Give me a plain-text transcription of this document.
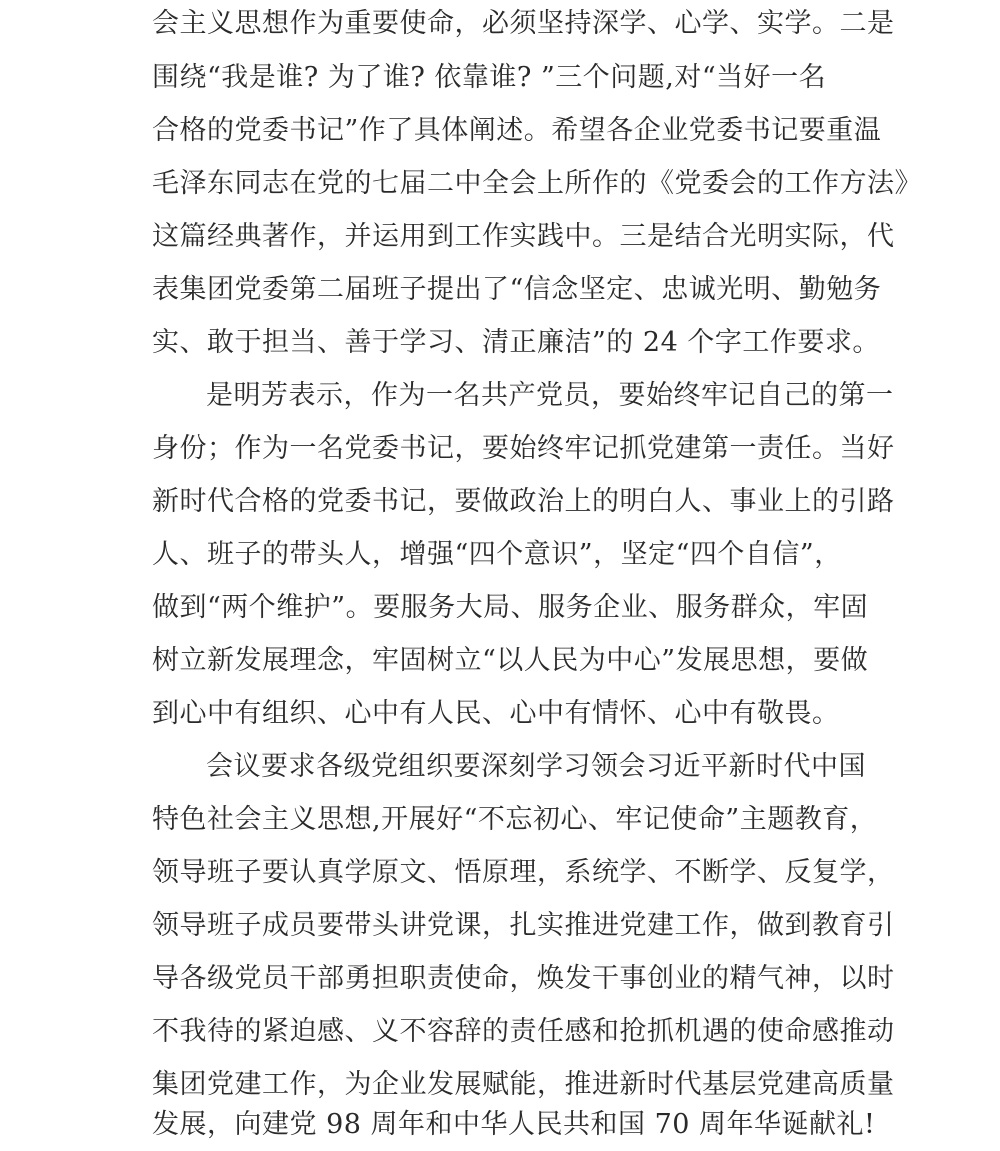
会主义思想作为重要使命，必须坚持深学、心学、实学。二是
围绕“我是谁? 为了谁? 依靠谁? ”三个问题,对“当好一名
合格的党委书记”作了具体阐述。希望各企业党委书记要重温
毛泽东同志在党的七届二中全会上所作的《党委会的工作方法》
这篇经典著作，并运用到工作实践中。三是结合光明实际，代
表集团党委第二届班子提出了“信念坚定、忠诚光明、勤勉务
实、敢于担当、善于学习、清正廉洁”的 24 个字工作要求。
是明芳表示，作为一名共产党员，要始终牢记自己的第一
身份；作为一名党委书记，要始终牢记抓党建第一责任。当好
新时代合格的党委书记，要做政治上的明白人、事业上的引路
人、班子的带头人，增强“四个意识”，坚定“四个自信”，
做到“两个维护”。要服务大局、服务企业、服务群众，牢固
树立新发展理念，牢固树立“以人民为中心”发展思想，要做
到心中有组织、心中有人民、心中有情怀、心中有敬畏。
会议要求各级党组织要深刻学习领会习近平新时代中国
特色社会主义思想,开展好“不忘初心、牢记使命”主题教育，
领导班子要认真学原文、悟原理，系统学、不断学、反复学，
领导班子成员要带头讲党课，扎实推进党建工作，做到教育引
导各级党员干部勇担职责使命，焕发干事创业的精气神，以时
不我待的紧迫感、义不容辞的责任感和抢抓机遇的使命感推动
集团党建工作，为企业发展赋能，推进新时代基层党建高质量
发展，向建党 98 周年和中华人民共和国 70 周年华诞献礼!
